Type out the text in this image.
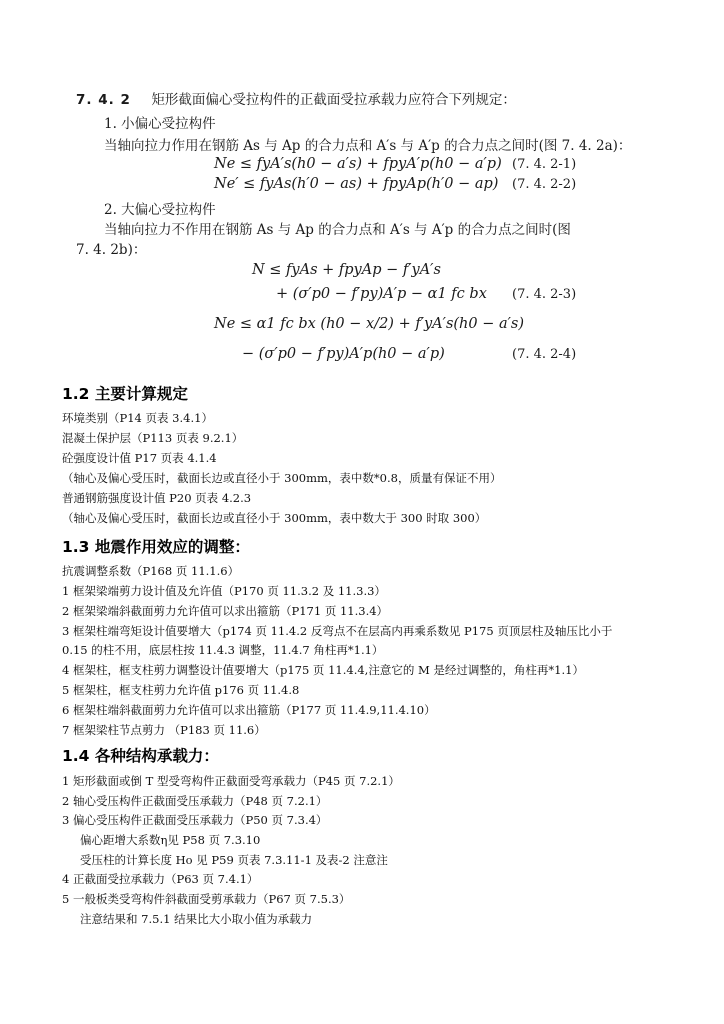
7. 4. 2 矩形截面偏心受拉构件的正截面受拉承载力应符合下列规定：
1. 小偏心受拉构件
当轴向拉力作用在钢筋 As 与 Ap 的合力点和 A′s 与 A′p 的合力点之间时(图 7. 4. 2a)：
Ne ≤ fyA′s(h0 − a′s) + fpyA′p(h0 − a′p) (7. 4. 2-1)
Ne′ ≤ fyAs(h′0 − as) + fpyAp(h′0 − ap) (7. 4. 2-2)
2. 大偏心受拉构件
当轴向拉力不作用在钢筋 As 与 Ap 的合力点和 A′s 与 A′p 的合力点之间时(图
7. 4. 2b)：
N ≤ fyAs + fpyAp − f′yA′s
+ (σ′p0 − f′py)A′p − α1 fc bx (7. 4. 2-3)
Ne ≤ α1 fc bx (h0 − x/2) + f′yA′s(h0 − a′s)
− (σ′p0 − f′py)A′p(h0 − a′p)	(7. 4. 2-4)
1.2 主要计算规定

环境类别（P14 页表 3.4.1）

混凝土保护层（P113 页表 9.2.1）

砼强度设计值 P17 页表 4.1.4

（轴心及偏心受压时，截面长边或直径小于 300mm，表中数*0.8，质量有保证不用）

普通钢筋强度设计值 P20 页表 4.2.3

（轴心及偏心受压时，截面长边或直径小于 300mm，表中数大于 300 时取 300）

1.3 地震作用效应的调整：

抗震调整系数（P168 页 11.1.6）

1 框架梁端剪力设计值及允许值（P170 页 11.3.2 及 11.3.3）

2 框架梁端斜截面剪力允许值可以求出箍筋（P171 页 11.3.4）

3 框架柱端弯矩设计值要增大（p174 页 11.4.2 反弯点不在层高内再乘系数见 P175 页顶层柱及轴压比小于

0.15 的柱不用，底层柱按 11.4.3 调整，11.4.7 角柱再*1.1）

4 框架柱，框支柱剪力调整设计值要增大（p175 页 11.4.4,注意它的 M 是经过调整的，角柱再*1.1）

5 框架柱，框支柱剪力允许值 p176 页 11.4.8

6 框架柱端斜截面剪力允许值可以求出箍筋（P177 页 11.4.9,11.4.10）

7 框架梁柱节点剪力 （P183 页 11.6）

1.4 各种结构承载力：

1 矩形截面或倒 T 型受弯构件正截面受弯承载力（P45 页 7.2.1）

2 轴心受压构件正截面受压承载力（P48 页 7.2.1）

3 偏心受压构件正截面受压承载力（P50 页 7.3.4）

偏心距增大系数η见 P58 页 7.3.10

受压柱的计算长度 Ho 见 P59 页表 7.3.11-1 及表-2 注意注

4 正截面受拉承载力（P63 页 7.4.1）

5 一般板类受弯构件斜截面受剪承载力（P67 页 7.5.3）

注意结果和 7.5.1 结果比大小取小值为承载力
